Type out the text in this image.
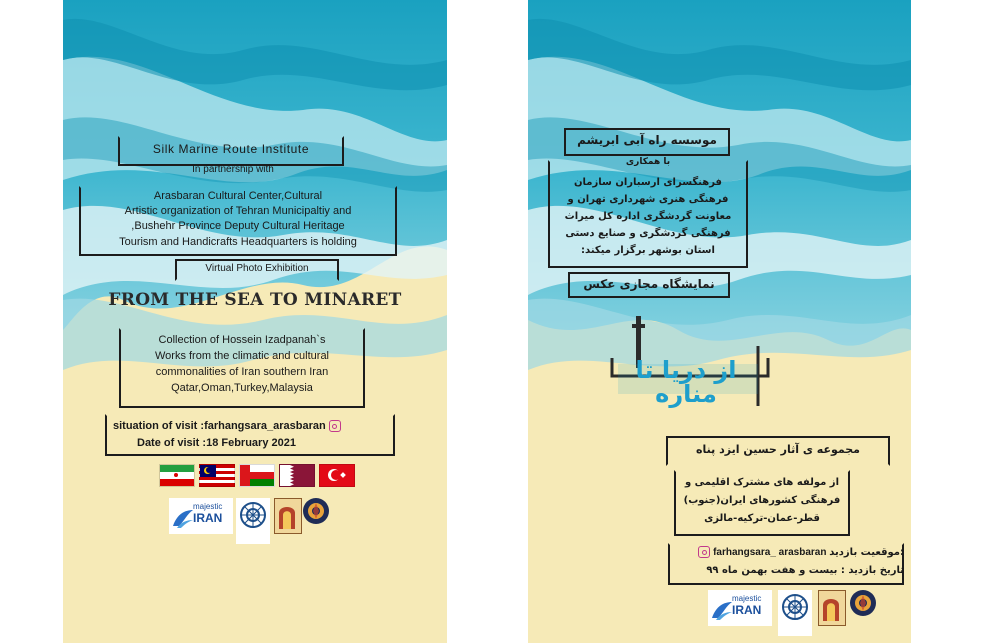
Silk Marine Route Institute
In partnership with
Arasbaran Cultural Center,Cultural
Artistic organization of Tehran Municipaltiy and
,Bushehr Province Deputy Cultural Heritage
Tourism and Handicrafts Headquarters is holding
Virtual Photo Exhibition
FROM THE SEA TO MINARET
Collection of Hossein Izadpanah`s
Works from the climatic and cultural
commonalities of Iran southern Iran
Qatar,Oman,Turkey,Malaysia
situation of visit :farhangsara_arasbaran
Date of visit :18 February 2021
majestic
IRAN
موسسه راه آبی ابریشم
با همکاری
فرهنگسرای ارسباران سازمان
فرهنگی هنری شهرداری تهران و
معاونت گردشگری اداره کل میراث
فرهنگی گردشگری و صنایع دستی
استان بوشهر برگزار میکند:
نمایشگاه مجازی عکس
از دریا تا مناره
مجموعه ی آثار حسین ایزد پناه
از مولفه های مشترک اقلیمی و
فرهنگی کشورهای ایران(جنوب)
قطر-عمان-ترکیه-مالزی
farhangsara_ arasbaran موقعیت بازدید:
تاریخ بازدید : بیست و هفت بهمن ماه ۹۹
majestic
IRAN
